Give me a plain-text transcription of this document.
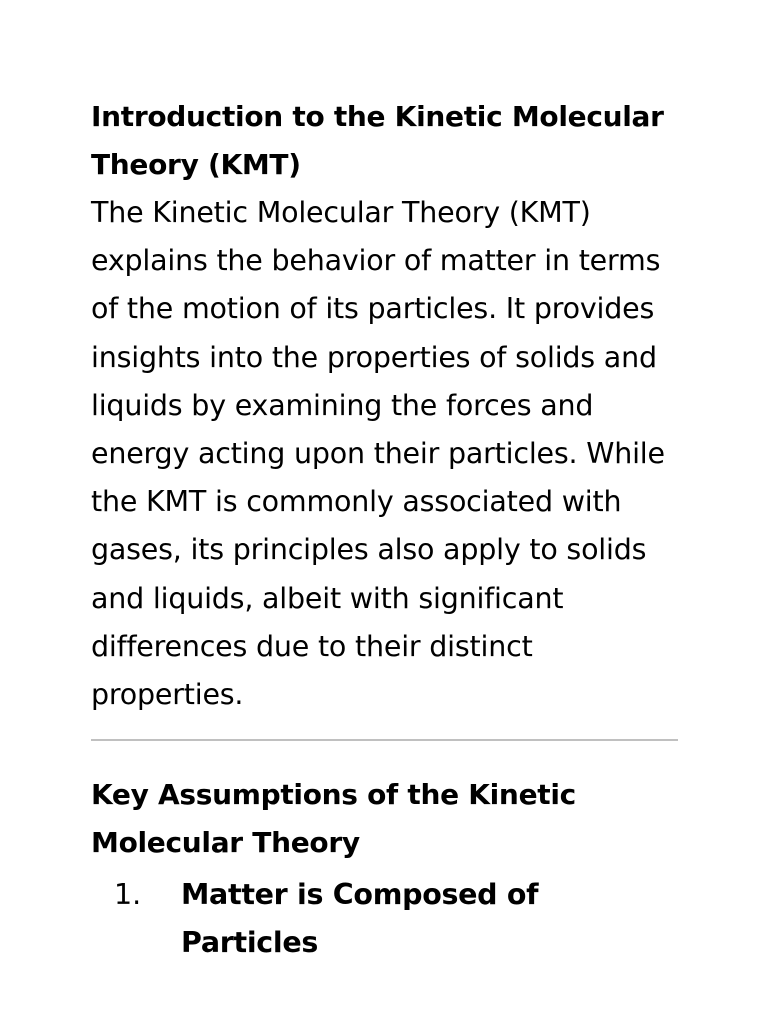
Introduction to the Kinetic Molecular Theory (KMT)

The Kinetic Molecular Theory (KMT) explains the behavior of matter in terms of the motion of its particles. It provides insights into the properties of solids and liquids by examining the forces and energy acting upon their particles. While the KMT is commonly associated with gases, its principles also apply to solids and liquids, albeit with significant differences due to their distinct properties.

Key Assumptions of the Kinetic Molecular Theory
1.	Matter is Composed of Particles
